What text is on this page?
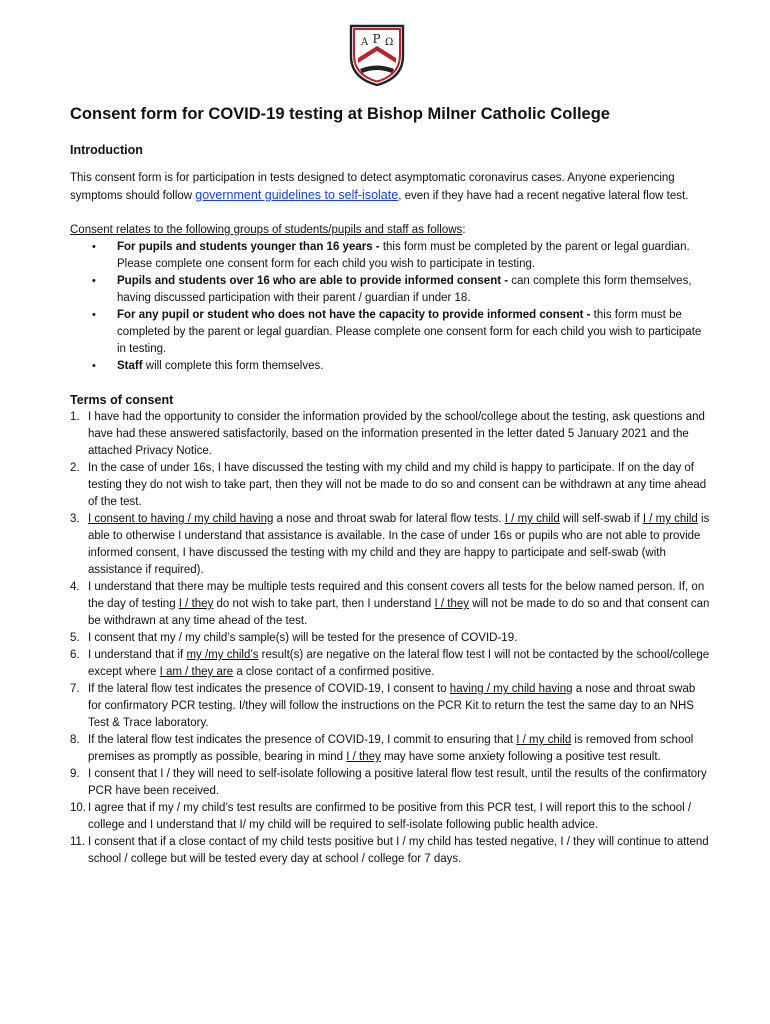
A P Ω
Consent form for COVID-19 testing at Bishop Milner Catholic College
Introduction
This consent form is for participation in tests designed to detect asymptomatic coronavirus cases. Anyone experiencing symptoms should follow government guidelines to self-isolate, even if they have had a recent negative lateral flow test.
Consent relates to the following groups of students/pupils and staff as follows:
• For pupils and students younger than 16 years - this form must be completed by the parent or legal guardian. Please complete one consent form for each child you wish to participate in testing.
• Pupils and students over 16 who are able to provide informed consent - can complete this form themselves, having discussed participation with their parent / guardian if under 18.
• For any pupil or student who does not have the capacity to provide informed consent - this form must be completed by the parent or legal guardian. Please complete one consent form for each child you wish to participate in testing.
• Staff will complete this form themselves.
Terms of consent
1. I have had the opportunity to consider the information provided by the school/college about the testing, ask questions and have had these answered satisfactorily, based on the information presented in the letter dated 5 January 2021 and the attached Privacy Notice.
2. In the case of under 16s, I have discussed the testing with my child and my child is happy to participate. If on the day of testing they do not wish to take part, then they will not be made to do so and consent can be withdrawn at any time ahead of the test.
3. I consent to having / my child having a nose and throat swab for lateral flow tests. I / my child will self-swab if I / my child is able to otherwise I understand that assistance is available. In the case of under 16s or pupils who are not able to provide informed consent, I have discussed the testing with my child and they are happy to participate and self-swab (with assistance if required).
4. I understand that there may be multiple tests required and this consent covers all tests for the below named person. If, on the day of testing I / they do not wish to take part, then I understand I / they will not be made to do so and that consent can be withdrawn at any time ahead of the test.
5. I consent that my / my child’s sample(s) will be tested for the presence of COVID-19.
6. I understand that if my /my child’s result(s) are negative on the lateral flow test I will not be contacted by the school/college except where I am / they are a close contact of a confirmed positive.
7. If the lateral flow test indicates the presence of COVID-19, I consent to having / my child having a nose and throat swab for confirmatory PCR testing. I/they will follow the instructions on the PCR Kit to return the test the same day to an NHS Test & Trace laboratory.
8. If the lateral flow test indicates the presence of COVID-19, I commit to ensuring that I / my child is removed from school premises as promptly as possible, bearing in mind I / they may have some anxiety following a positive test result.
9. I consent that I / they will need to self-isolate following a positive lateral flow test result, until the results of the confirmatory PCR have been received.
10. I agree that if my / my child’s test results are confirmed to be positive from this PCR test, I will report this to the school / college and I understand that I/ my child will be required to self-isolate following public health advice.
11. I consent that if a close contact of my child tests positive but I / my child has tested negative, I / they will continue to attend school / college but will be tested every day at school / college for 7 days.
